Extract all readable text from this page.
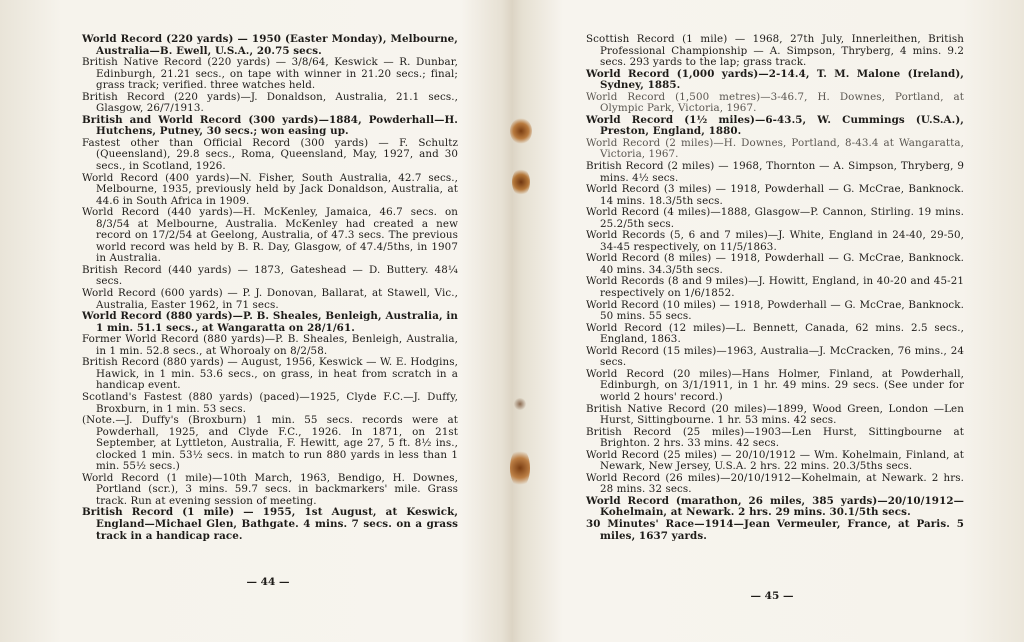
World Record (220 yards) — 1950 (Easter Monday), Melbourne, Australia—B. Ewell, U.S.A., 20.75 secs.
British Native Record (220 yards) — 3/8/64, Keswick — R. Dunbar, Edinburgh, 21.21 secs., on tape with winner in 21.20 secs.; final; grass track; verified. three watches held.
British Record (220 yards)—J. Donaldson, Australia, 21.1 secs., Glasgow, 26/7/1913.
British and World Record (300 yards)—1884, Powderhall—H. Hutchens, Putney, 30 secs.; won easing up.
Fastest other than Official Record (300 yards) — F. Schultz (Queensland), 29.8 secs., Roma, Queensland, May, 1927, and 30 secs., in Scotland, 1926.
World Record (400 yards)—N. Fisher, South Australia, 42.7 secs., Melbourne, 1935, previously held by Jack Donaldson, Australia, at 44.6 in South Africa in 1909.
World Record (440 yards)—H. McKenley, Jamaica, 46.7 secs. on 8/3/54 at Melbourne, Australia. McKenley had created a new record on 17/2/54 at Geelong, Australia, of 47.3 secs. The previous world record was held by B. R. Day, Glasgow, of 47.4/5ths, in 1907 in Australia.
British Record (440 yards) — 1873, Gateshead — D. Buttery. 48¼ secs.
World Record (600 yards) — P. J. Donovan, Ballarat, at Stawell, Vic., Australia, Easter 1962, in 71 secs.
World Record (880 yards)—P. B. Sheales, Benleigh, Australia, in 1 min. 51.1 secs., at Wangaratta on 28/1/61.
Former World Record (880 yards)—P. B. Sheales, Benleigh, Australia, in 1 min. 52.8 secs., at Whoroaly on 8/2/58.
British Record (880 yards) — August, 1956, Keswick — W. E. Hodgins, Hawick, in 1 min. 53.6 secs., on grass, in heat from scratch in a handicap event.
Scotland's Fastest (880 yards) (paced)—1925, Clyde F.C.—J. Duffy, Broxburn, in 1 min. 53 secs.
(Note.—J. Duffy's (Broxburn) 1 min. 55 secs. records were at Powderhall, 1925, and Clyde F.C., 1926. In 1871, on 21st September, at Lyttleton, Australia, F. Hewitt, age 27, 5 ft. 8½ ins., clocked 1 min. 53½ secs. in match to run 880 yards in less than 1 min. 55½ secs.)
World Record (1 mile)—10th March, 1963, Bendigo, H. Downes, Portland (scr.), 3 mins. 59.7 secs. in backmarkers' mile. Grass track. Run at evening session of meeting.
British Record (1 mile) — 1955, 1st August, at Keswick, England—Michael Glen, Bathgate. 4 mins. 7 secs. on a grass track in a handicap race.
— 44 —
Scottish Record (1 mile) — 1968, 27th July, Innerleithen, British Professional Championship — A. Simpson, Thryberg, 4 mins. 9.2 secs. 293 yards to the lap; grass track.
World Record (1,000 yards)—2-14.4, T. M. Malone (Ireland), Sydney, 1885.
World Record (1,500 metres)—3-46.7, H. Downes, Portland, at Olympic Park, Victoria, 1967.
World Record (1½ miles)—6-43.5, W. Cummings (U.S.A.), Preston, England, 1880.
World Record (2 miles)—H. Downes, Portland, 8-43.4 at Wangaratta, Victoria, 1967.
British Record (2 miles) — 1968, Thornton — A. Simpson, Thryberg, 9 mins. 4½ secs.
World Record (3 miles) — 1918, Powderhall — G. McCrae, Banknock. 14 mins. 18.3/5th secs.
World Record (4 miles)—1888, Glasgow—P. Cannon, Stirling. 19 mins. 25.2/5th secs.
World Records (5, 6 and 7 miles)—J. White, England in 24-40, 29-50, 34-45 respectively, on 11/5/1863.
World Record (8 miles) — 1918, Powderhall — G. McCrae, Banknock. 40 mins. 34.3/5th secs.
World Records (8 and 9 miles)—J. Howitt, England, in 40-20 and 45-21 respectively on 1/6/1852.
World Record (10 miles) — 1918, Powderhall — G. McCrae, Banknock. 50 mins. 55 secs.
World Record (12 miles)—L. Bennett, Canada, 62 mins. 2.5 secs., England, 1863.
World Record (15 miles)—1963, Australia—J. McCracken, 76 mins., 24 secs.
World Record (20 miles)—Hans Holmer, Finland, at Powderhall, Edinburgh, on 3/1/1911, in 1 hr. 49 mins. 29 secs. (See under for world 2 hours' record.)
British Native Record (20 miles)—1899, Wood Green, London —Len Hurst, Sittingbourne. 1 hr. 53 mins. 42 secs.
British Record (25 miles)—1903—Len Hurst, Sittingbourne at Brighton. 2 hrs. 33 mins. 42 secs.
World Record (25 miles) — 20/10/1912 — Wm. Kohelmain, Finland, at Newark, New Jersey, U.S.A. 2 hrs. 22 mins. 20.3/5ths secs.
World Record (26 miles)—20/10/1912—Kohelmain, at Newark. 2 hrs. 28 mins. 32 secs.
World Record (marathon, 26 miles, 385 yards)—20/10/1912—Kohelmain, at Newark. 2 hrs. 29 mins. 30.1/5th secs.
30 Minutes' Race—1914—Jean Vermeuler, France, at Paris. 5 miles, 1637 yards.
— 45 —
